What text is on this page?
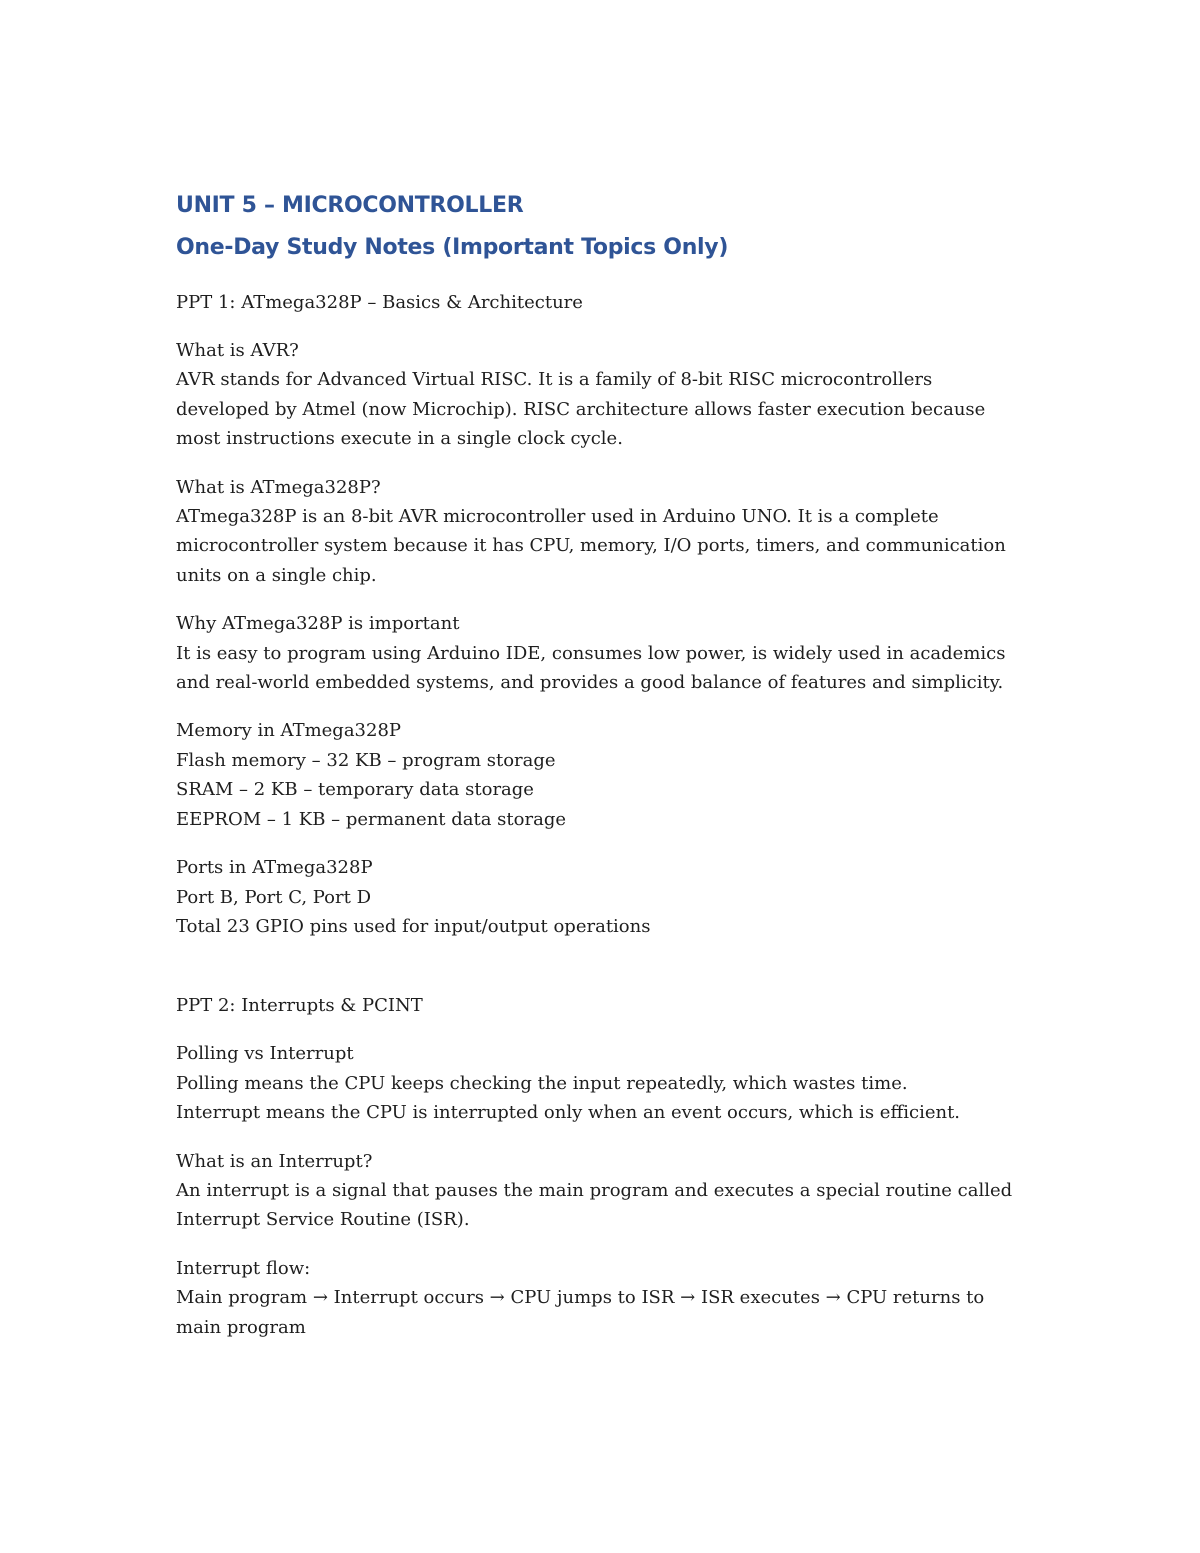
UNIT 5 – MICROCONTROLLER
One-Day Study Notes (Important Topics Only)
PPT 1: ATmega328P – Basics & Architecture
What is AVR?
AVR stands for Advanced Virtual RISC. It is a family of 8-bit RISC microcontrollers
developed by Atmel (now Microchip). RISC architecture allows faster execution because
most instructions execute in a single clock cycle.
What is ATmega328P?
ATmega328P is an 8-bit AVR microcontroller used in Arduino UNO. It is a complete
microcontroller system because it has CPU, memory, I/O ports, timers, and communication
units on a single chip.
Why ATmega328P is important
It is easy to program using Arduino IDE, consumes low power, is widely used in academics
and real-world embedded systems, and provides a good balance of features and simplicity.
Memory in ATmega328P
Flash memory – 32 KB – program storage
SRAM – 2 KB – temporary data storage
EEPROM – 1 KB – permanent data storage
Ports in ATmega328P
Port B, Port C, Port D
Total 23 GPIO pins used for input/output operations
PPT 2: Interrupts & PCINT
Polling vs Interrupt
Polling means the CPU keeps checking the input repeatedly, which wastes time.
Interrupt means the CPU is interrupted only when an event occurs, which is efficient.
What is an Interrupt?
An interrupt is a signal that pauses the main program and executes a special routine called
Interrupt Service Routine (ISR).
Interrupt flow:
Main program → Interrupt occurs → CPU jumps to ISR → ISR executes → CPU returns to
main program
